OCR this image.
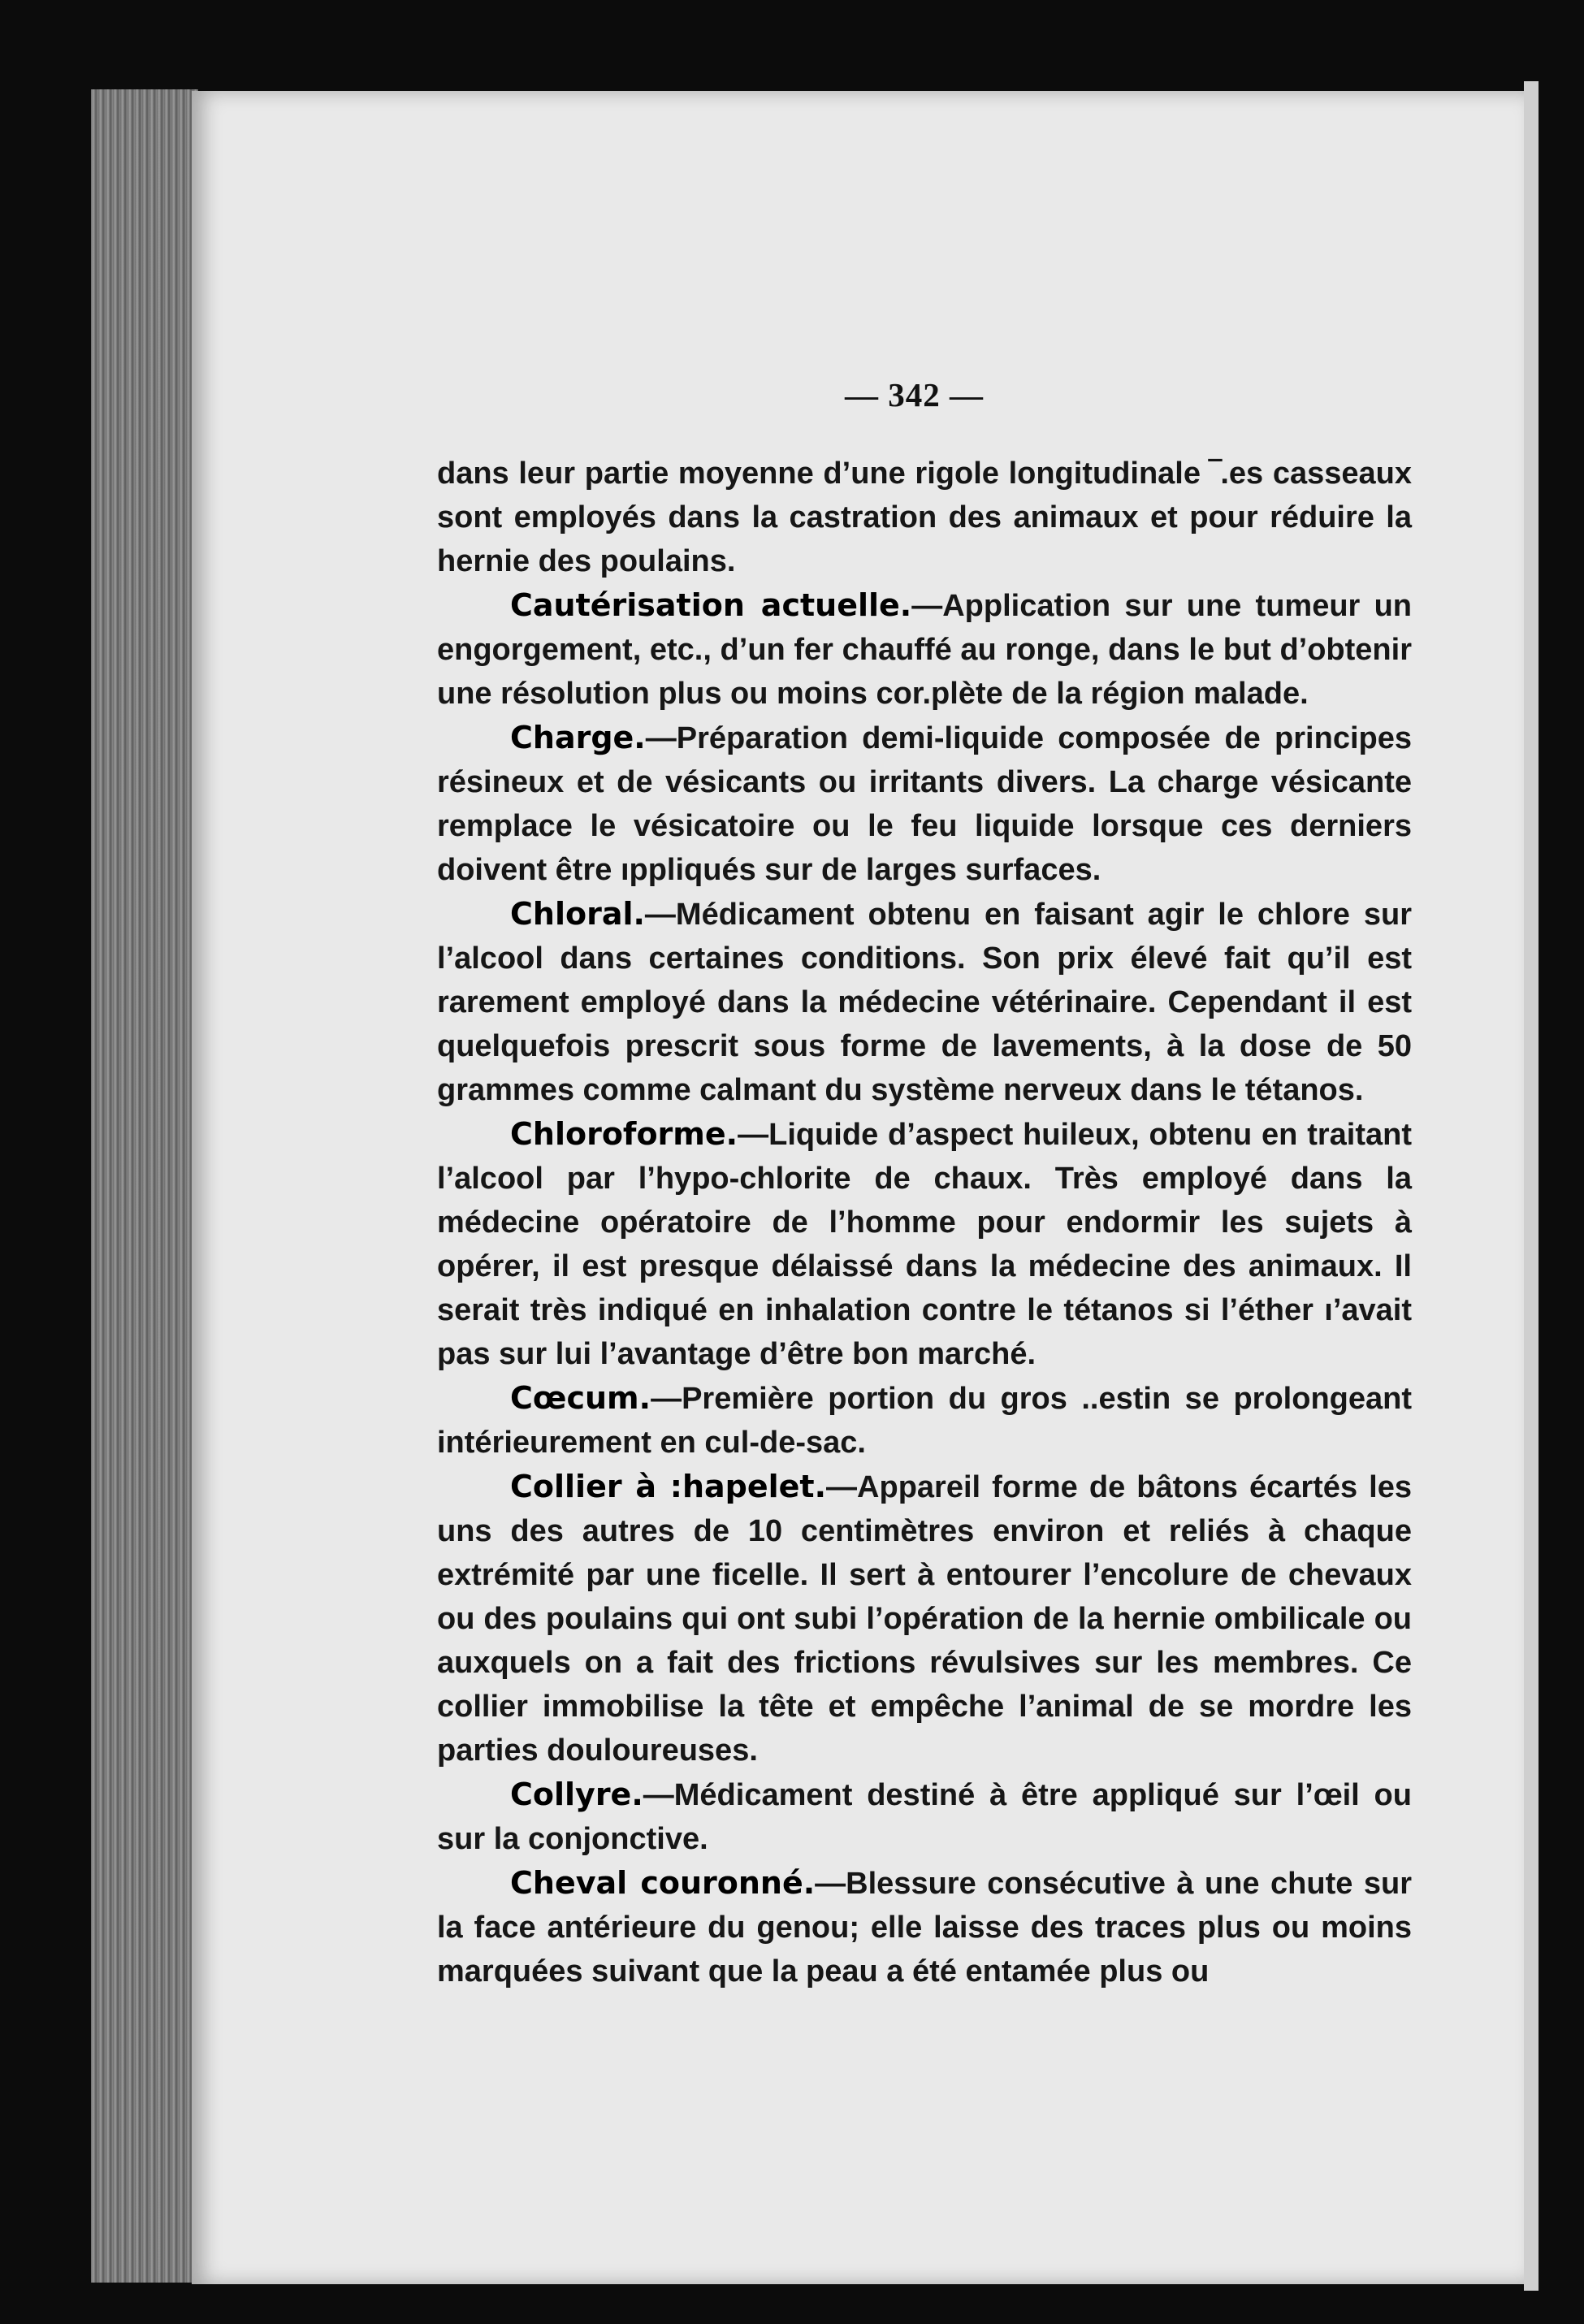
— 342 —

dans leur partie moyenne d’une rigole longitudinale ‾.es casseaux sont employés dans la castration des animaux et pour réduire la hernie des poulains.

Cautérisation actuelle.—Application sur une tumeur un engorgement, etc., d’un fer chauffé au ronge, dans le but d’obtenir une résolution plus ou moins cor.plète de la région malade.

Charge.—Préparation demi-liquide composée de principes résineux et de vésicants ou irritants divers. La charge vésicante remplace le vésicatoire ou le feu liquide lorsque ces derniers doivent être ıppliqués sur de larges surfaces.

Chloral.—Médicament obtenu en faisant agir le chlore sur l’alcool dans certaines conditions. Son prix élevé fait qu’il est rarement employé dans la médecine vétérinaire. Cependant il est quelquefois prescrit sous forme de lavements, à la dose de 50 grammes comme calmant du système nerveux dans le tétanos.

Chloroforme.—Liquide d’aspect huileux, obtenu en traitant l’alcool par l’hypo-chlorite de chaux. Très employé dans la médecine opératoire de l’homme pour endormir les sujets à opérer, il est presque délaissé dans la médecine des animaux. Il serait très indiqué en inhalation contre le tétanos si l’éther ı’avait pas sur lui l’avantage d’être bon marché.

Cœcum.—Première portion du gros ..estin se prolongeant intérieurement en cul-de-sac.

Collier à :hapelet.—Appareil forme de bâtons écartés les uns des autres de 10 centimètres environ et reliés à chaque extrémité par une ficelle. Il sert à entourer l’encolure de chevaux ou des poulains qui ont subi l’opération de la hernie ombilicale ou auxquels on a fait des frictions révulsives sur les membres. Ce collier immobilise la tête et empêche l’animal de se mordre les parties douloureuses.

Collyre.—Médicament destiné à être appliqué sur l’œil ou sur la conjonctive.

Cheval couronné.—Blessure consécutive à une chute sur la face antérieure du genou; elle laisse des traces plus ou moins marquées suivant que la peau a été entamée plus ou
